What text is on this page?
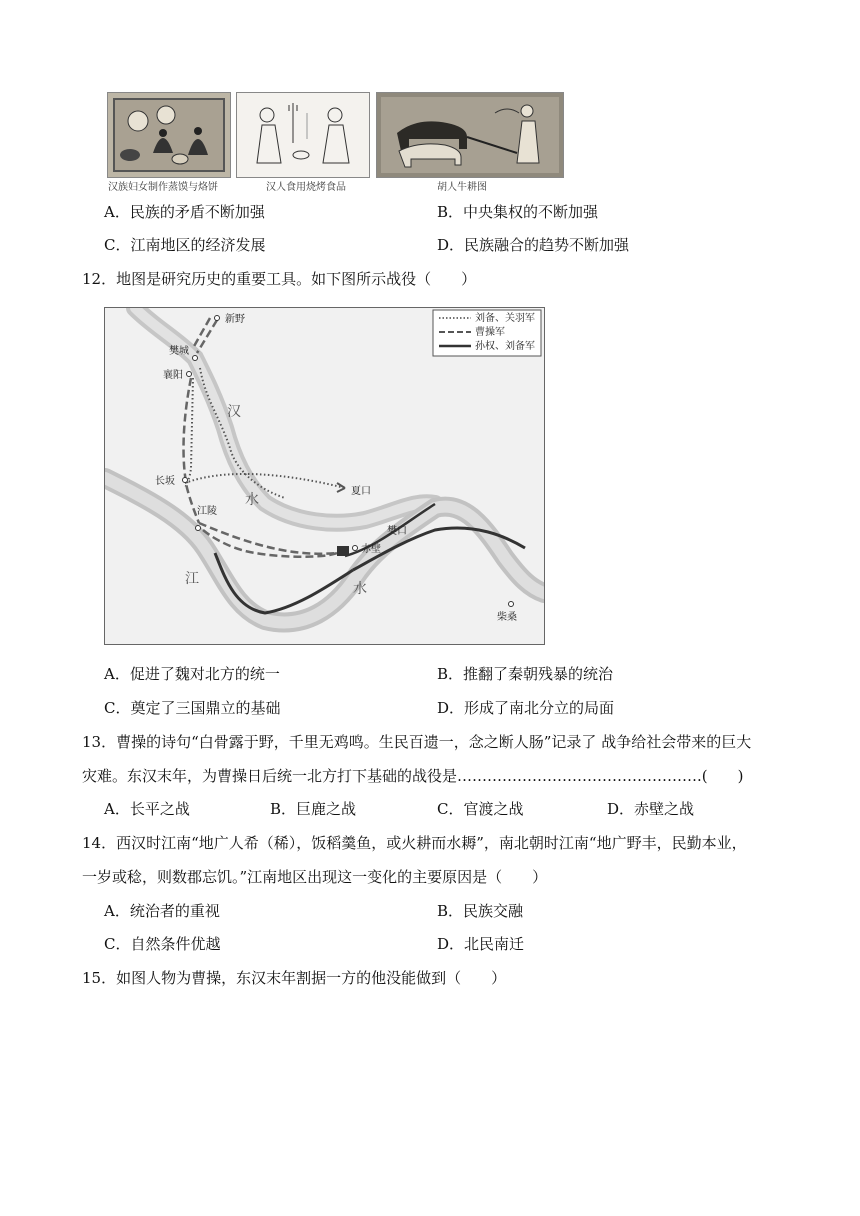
汉族妇女制作蒸馍与烙饼	汉人食用烧烤食品	胡人牛耕图
A．民族的矛盾不断加强	B．中央集权的不断加强
C．江南地区的经济发展	D．民族融合的趋势不断加强
12．地图是研究历史的重要工具。如下图所示战役（　　）
新野
樊城
襄阳
长坂
江陵
夏口
樊口
赤壁
柴桑
汉
水
江
水
刘备、关羽军
曹操军
孙权、刘备军
A．促进了魏对北方的统一	B．推翻了秦朝残暴的统治
C．奠定了三国鼎立的基础	D．形成了南北分立的局面
13．曹操的诗句“白骨露于野，千里无鸡鸣。生民百遗一，念之断人肠”记录了 战争给社会带来的巨大
灾难。东汉末年，为曹操日后统一北方打下基础的战役是………………………………………….(　　)
A．长平之战	B．巨鹿之战	C．官渡之战	D．赤壁之战
14．西汉时江南“地广人希（稀），饭稻羹鱼，或火耕而水耨”，南北朝时江南“地广野丰，民勤本业，
一岁或稔，则数郡忘饥。”江南地区出现这一变化的主要原因是（　　）
A．统治者的重视	B．民族交融
C．自然条件优越	D．北民南迁
15．如图人物为曹操，东汉末年割据一方的他没能做到（　　）
